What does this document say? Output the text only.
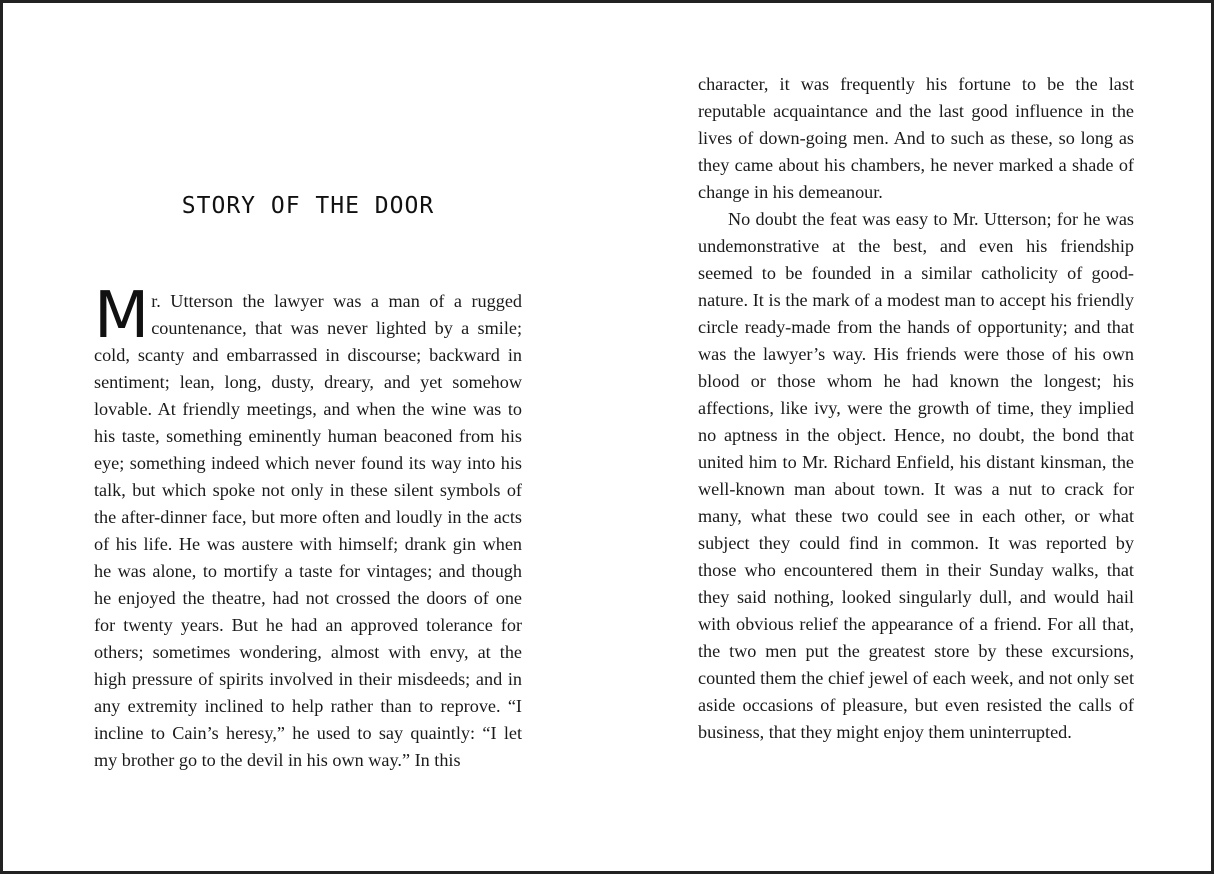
STORY OF THE DOOR

Mr. Utterson the lawyer was a man of a rugged countenance, that was never lighted by a smile; cold, scanty and embarrassed in discourse; backward in sentiment; lean, long, dusty, dreary, and yet somehow lovable. At friendly meetings, and when the wine was to his taste, something eminently human beaconed from his eye; something indeed which never found its way into his talk, but which spoke not only in these silent symbols of the after-dinner face, but more often and loudly in the acts of his life. He was austere with himself; drank gin when he was alone, to mortify a taste for vintages; and though he enjoyed the theatre, had not crossed the doors of one for twenty years. But he had an approved tolerance for others; sometimes wondering, almost with envy, at the high pressure of spirits involved in their misdeeds; and in any extremity inclined to help rather than to reprove. “I incline to Cain’s heresy,” he used to say quaintly: “I let my brother go to the devil in his own way.” In this

character, it was frequently his fortune to be the last reputable acquaintance and the last good influence in the lives of down-going men. And to such as these, so long as they came about his chambers, he never marked a shade of change in his demeanour.

No doubt the feat was easy to Mr. Utterson; for he was undemonstrative at the best, and even his friendship seemed to be founded in a similar catholicity of good-nature. It is the mark of a modest man to accept his friendly circle ready-made from the hands of opportunity; and that was the lawyer’s way. His friends were those of his own blood or those whom he had known the longest; his affections, like ivy, were the growth of time, they implied no aptness in the object. Hence, no doubt, the bond that united him to Mr. Richard Enfield, his distant kinsman, the well-known man about town. It was a nut to crack for many, what these two could see in each other, or what subject they could find in common. It was reported by those who encountered them in their Sunday walks, that they said nothing, looked singularly dull, and would hail with obvious relief the appearance of a friend. For all that, the two men put the greatest store by these excursions, counted them the chief jewel of each week, and not only set aside occasions of pleasure, but even resisted the calls of business, that they might enjoy them uninterrupted.
